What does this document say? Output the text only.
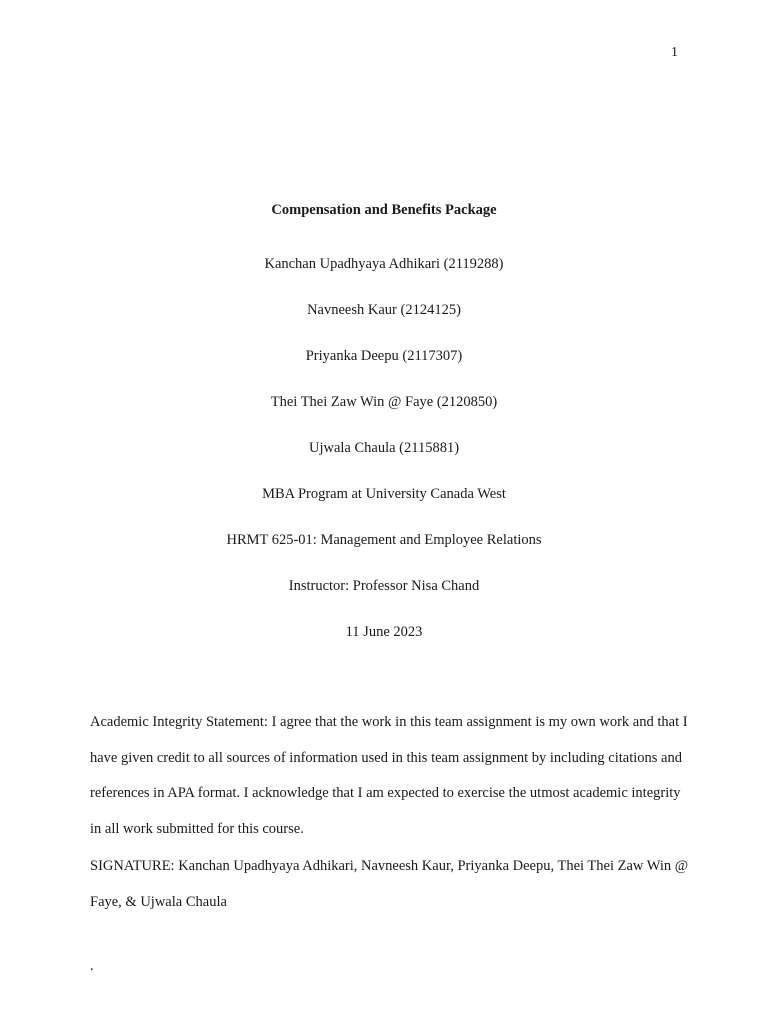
1
Compensation and Benefits Package
Kanchan Upadhyaya Adhikari (2119288)
Navneesh Kaur (2124125)
Priyanka Deepu (2117307)
Thei Thei Zaw Win @ Faye (2120850)
Ujwala Chaula (2115881)
MBA Program at University Canada West
HRMT 625-01: Management and Employee Relations
Instructor: Professor Nisa Chand
11 June 2023

Academic Integrity Statement: I agree that the work in this team assignment is my own work and that I have given credit to all sources of information used in this team assignment by including citations and references in APA format. I acknowledge that I am expected to exercise the utmost academic integrity in all work submitted for this course.

SIGNATURE: Kanchan Upadhyaya Adhikari, Navneesh Kaur, Priyanka Deepu, Thei Thei Zaw Win @ Faye, & Ujwala Chaula

.
